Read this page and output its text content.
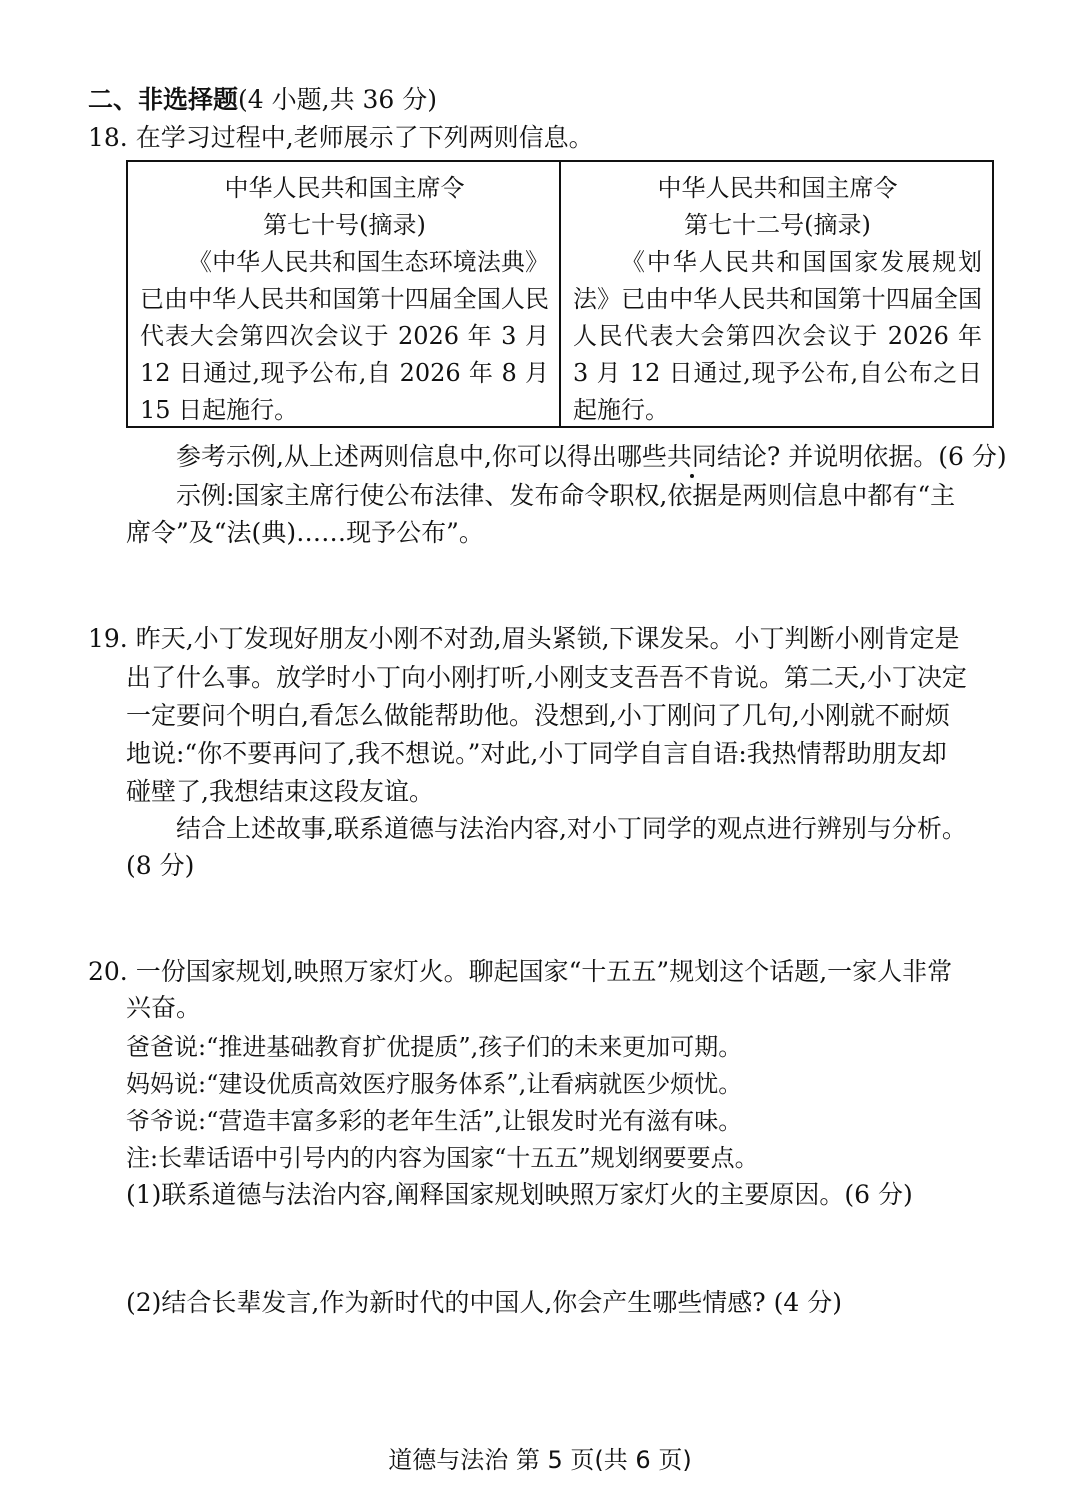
二、非选择题(4 小题,共 36 分)
18. 在学习过程中,老师展示了下列两则信息。
中华人民共和国主席令
第七十号(摘录)
《中华人民共和国生态环境法典》已由中华人民共和国第十四届全国人民代表大会第四次会议于 2026 年 3 月 12 日通过,现予公布,自 2026 年 8 月 15 日起施行。
中华人民共和国主席令
第七十二号(摘录)
《中华人民共和国国家发展规划法》已由中华人民共和国第十四届全国人民代表大会第四次会议于 2026 年 3 月 12 日通过,现予公布,自公布之日起施行。
参考示例,从上述两则信息中,你可以得出哪些共同结论? 并说明依据。(6 分)
示例:国家主席行使公布法律、发布命令职权,依据是两则信息中都有“主
席令”及“法(典)……现予公布”。
19. 昨天,小丁发现好朋友小刚不对劲,眉头紧锁,下课发呆。小丁判断小刚肯定是
出了什么事。放学时小丁向小刚打听,小刚支支吾吾不肯说。第二天,小丁决定
一定要问个明白,看怎么做能帮助他。没想到,小丁刚问了几句,小刚就不耐烦
地说:“你不要再问了,我不想说。”对此,小丁同学自言自语:我热情帮助朋友却
碰壁了,我想结束这段友谊。
结合上述故事,联系道德与法治内容,对小丁同学的观点进行辨别与分析。
(8 分)
20. 一份国家规划,映照万家灯火。聊起国家“十五五”规划这个话题,一家人非常
兴奋。
爸爸说:“推进基础教育扩优提质”,孩子们的未来更加可期。
妈妈说:“建设优质高效医疗服务体系”,让看病就医少烦忧。
爷爷说:“营造丰富多彩的老年生活”,让银发时光有滋有味。
注:长辈话语中引号内的内容为国家“十五五”规划纲要要点。
(1)联系道德与法治内容,阐释国家规划映照万家灯火的主要原因。(6 分)
(2)结合长辈发言,作为新时代的中国人,你会产生哪些情感? (4 分)
道德与法治 第 5 页(共 6 页)
